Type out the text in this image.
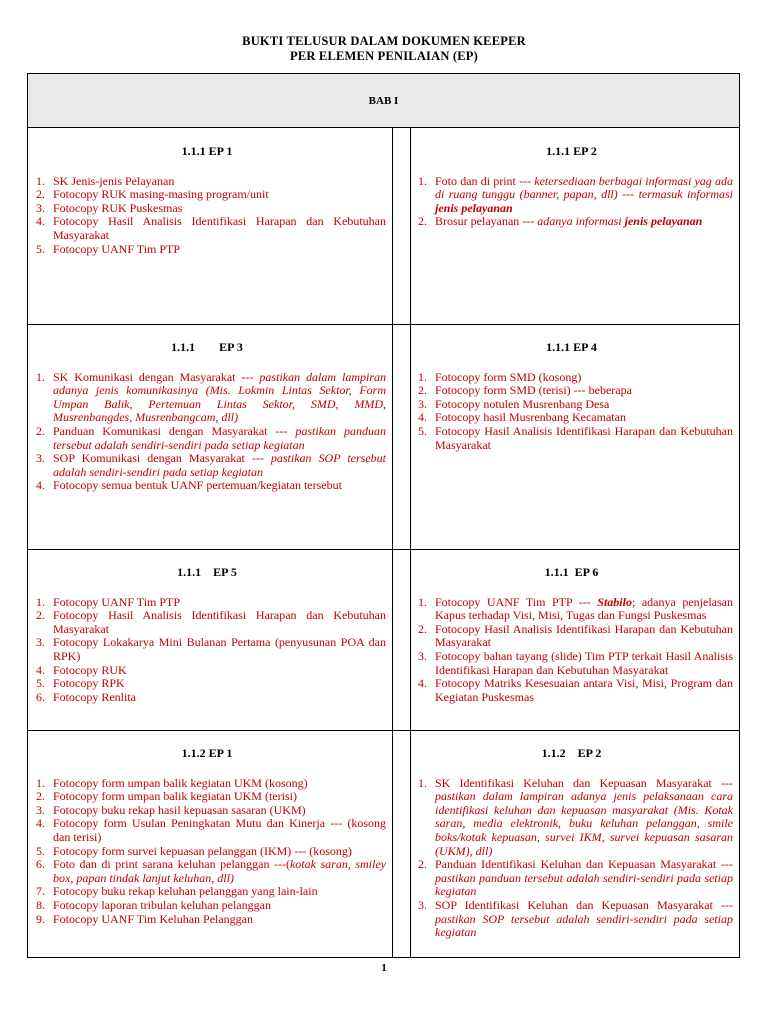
BUKTI TELUSUR DALAM DOKUMEN KEEPER
PER ELEMEN PENILAIAN (EP)
BAB I
1.1.1 EP 1
1. SK Jenis-jenis Pelayanan
2. Fotocopy RUK masing-masing program/unit
3. Fotocopy RUK Puskesmas
4. Fotocopy Hasil Analisis Identifikasi Harapan dan Kebutuhan Masyarakat
5. Fotocopy UANF Tim PTP
1.1.1 EP 2
1. Foto dan di print --- ketersediaan berbagai informasi yag ada di ruang tunggu (banner, papan, dll) --- termasuk informasi jenis pelayanan
2. Brosur pelayanan --- adanya informasi jenis pelayanan
1.1.1        EP 3
1. SK Komunikasi dengan Masyarakat --- pastikan dalam lampiran adanya jenis komunikasinya (Mis. Lokmin Lintas Sektor, Form Umpan Balik, Pertemuan Lintas Sektor, SMD, MMD, Musrenbangdes, Musrenbangcam, dll)
2. Panduan Komunikasi dengan Masyarakat --- pastikan panduan tersebut adalah sendiri-sendiri pada setiap kegiatan
3. SOP Komunikasi dengan Masyarakat --- pastikan SOP tersebut adalah sendiri-sendiri pada setiap kegiatan
4. Fotocopy semua bentuk UANF pertemuan/kegiatan tersebut
1.1.1 EP 4
1. Fotocopy form SMD (kosong)
2. Fotocopy form SMD (terisi) --- beberapa
3. Fotocopy notulen Musrenbang Desa
4. Fotocopy hasil Musrenbang Kecamatan
5. Fotocopy Hasil Analisis Identifikasi Harapan dan Kebutuhan Masyarakat
1.1.1    EP 5
1. Fotocopy UANF Tim PTP
2. Fotocopy Hasil Analisis Identifikasi Harapan dan Kebutuhan Masyarakat
3. Fotocopy Lokakarya Mini Bulanan Pertama (penyusunan POA dan RPK)
4. Fotocopy RUK
5. Fotocopy RPK
6. Fotocopy Renlita
1.1.1  EP 6
1. Fotocopy UANF Tim PTP --- Stabilo; adanya penjelasan Kapus terhadap Visi, Misi, Tugas dan Fungsi Puskesmas
2. Fotocopy Hasil Analisis Identifikasi Harapan dan Kebutuhan Masyarakat
3. Fotocopy bahan tayang (slide) Tim PTP terkait Hasil Analisis Identifikasi Harapan dan Kebutuhan Masyarakat
4. Fotocopy Matriks Kesesuaian antara Visi, Misi, Program dan Kegiatan Puskesmas
1.1.2 EP 1
1. Fotocopy form umpan balik kegiatan UKM (kosong)
2. Fotocopy form umpan balik kegiatan UKM (terisi)
3. Fotocopy buku rekap hasil kepuasan sasaran (UKM)
4. Fotocopy form Usulan Peningkatan Mutu dan Kinerja --- (kosong dan terisi)
5. Fotocopy form survei kepuasan pelanggan (IKM) --- (kosong)
6. Foto dan di print sarana keluhan pelanggan ---(kotak saran, smiley box, papan tindak lanjut keluhan, dll)
7. Fotocopy buku rekap keluhan pelanggan yang lain-lain
8. Fotocopy laporan tribulan keluhan pelanggan
9. Fotocopy UANF Tim Keluhan Pelanggan
1.1.2    EP 2
1. SK Identifikasi Keluhan dan Kepuasan Masyarakat --- pastikan dalam lampiran adanya jenis pelaksanaan cara identifikasi keluhan dan kepuasan masyarakat (Mis. Kotak saran, media elektronik, buku keluhan pelanggan, smile boks/kotak kepuasan, survei IKM, survei kepuasan sasaran (UKM), dll)
2. Panduan Identifikasi Keluhan dan Kepuasan Masyarakat --- pastikan panduan tersebut adalah sendiri-sendiri pada setiap kegiatan
3. SOP Identifikasi Keluhan dan Kepuasan Masyarakat --- pastikan SOP tersebut adalah sendiri-sendiri pada setiap kegiatan
1
